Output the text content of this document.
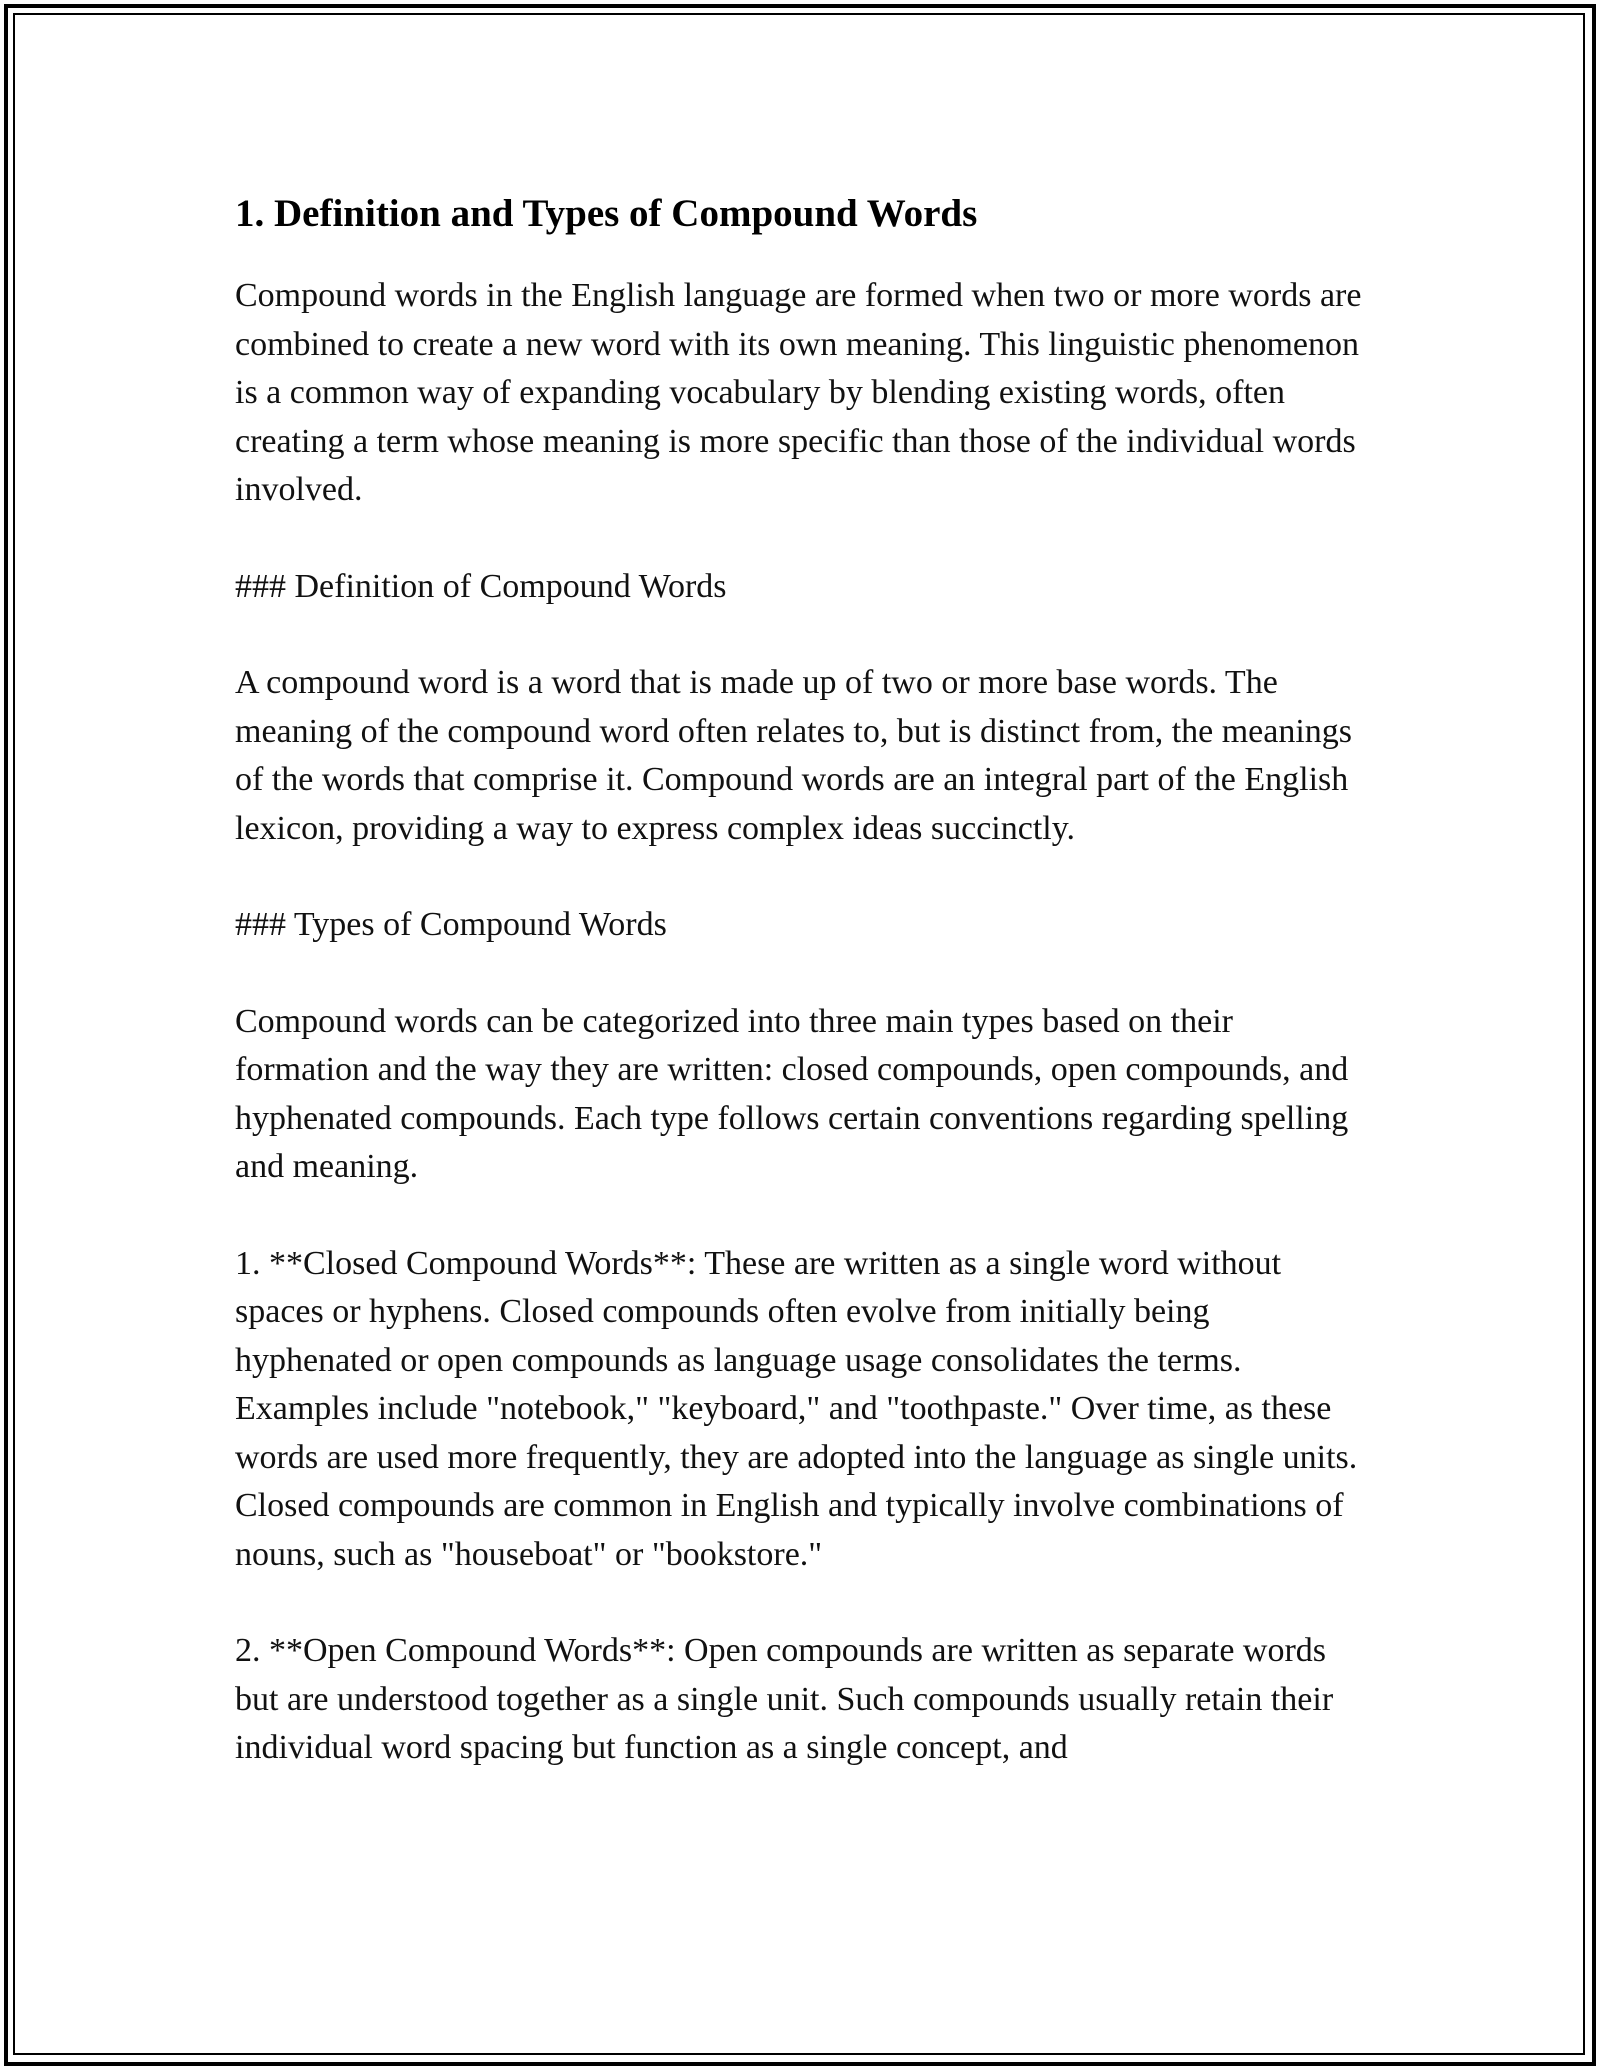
1. Definition and Types of Compound Words

Compound words in the English language are formed when two or more words are combined to create a new word with its own meaning. This linguistic phenomenon is a common way of expanding vocabulary by blending existing words, often creating a term whose meaning is more specific than those of the individual words involved.

### Definition of Compound Words

A compound word is a word that is made up of two or more base words. The meaning of the compound word often relates to, but is distinct from, the meanings of the words that comprise it. Compound words are an integral part of the English lexicon, providing a way to express complex ideas succinctly.

### Types of Compound Words

Compound words can be categorized into three main types based on their formation and the way they are written: closed compounds, open compounds, and hyphenated compounds. Each type follows certain conventions regarding spelling and meaning.

1. **Closed Compound Words**: These are written as a single word without spaces or hyphens. Closed compounds often evolve from initially being hyphenated or open compounds as language usage consolidates the terms. Examples include "notebook," "keyboard," and "toothpaste." Over time, as these words are used more frequently, they are adopted into the language as single units. Closed compounds are common in English and typically involve combinations of nouns, such as "houseboat" or "bookstore."

2. **Open Compound Words**: Open compounds are written as separate words but are understood together as a single unit. Such compounds usually retain their individual word spacing but function as a single concept, and
